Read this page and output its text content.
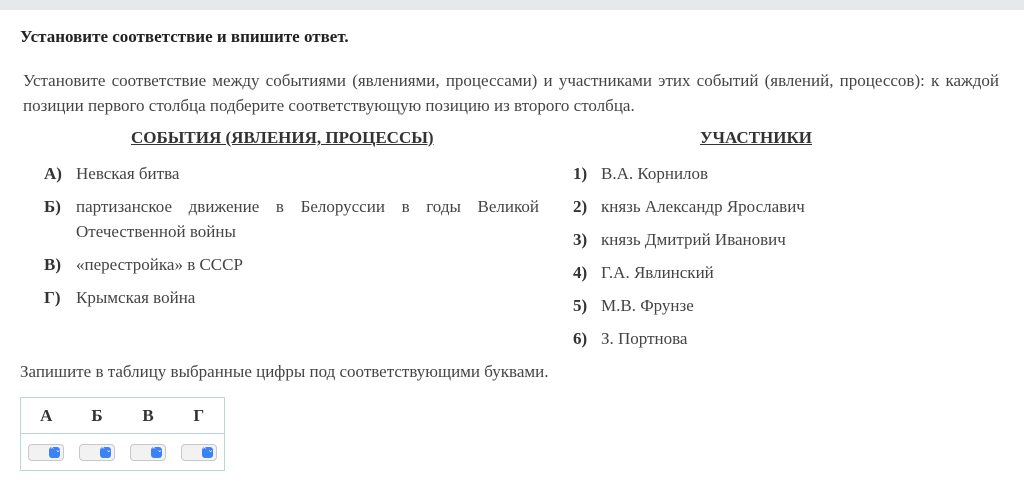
Установите соответствие и впишите ответ.
Установите соответствие между событиями (явлениями, процессами) и участниками этих событий (явлений, процессов): к каждой позиции первого столбца подберите соответствующую позицию из второго столбца.
СОБЫТИЯ (ЯВЛЕНИЯ, ПРОЦЕССЫ)	УЧАСТНИКИ
А) Невская битва
Б) партизанское движение в Белоруссии в годы Великой Отечественной войны
В) «перестройка» в СССР
Г) Крымская война
1) В.А. Корнилов
2) князь Александр Ярославич
3) князь Дмитрий Иванович
4) Г.А. Явлинский
5) М.В. Фрунзе
6) З. Портнова
Запишите в таблицу выбранные цифры под соответствующими буквами.
А	Б	В	Г

⌃⌄	⌃⌄	⌃⌄	⌃⌄
